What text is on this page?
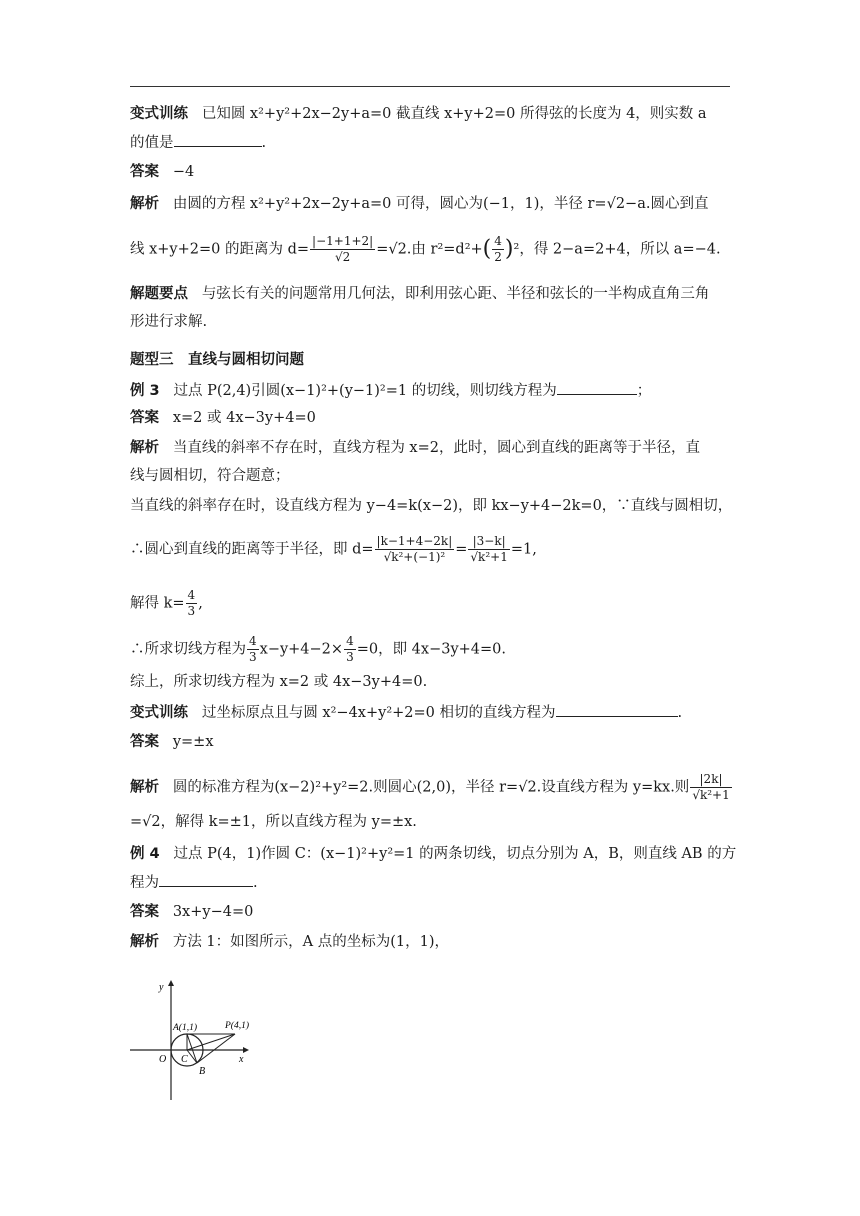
变式训练 已知圆 x²+y²+2x−2y+a=0 截直线 x+y+2=0 所得弦的长度为 4，则实数 a
的值是	.
答案 −4
解析 由圆的方程 x²+y²+2x−2y+a=0 可得，圆心为(−1，1)，半径 r=√2−a.圆心到直
线 x+y+2=0 的距离为 $d= \frac{|-1+1+2|}{√2} =√2$.由 $r^2=d^2+( \frac{4}{2} )^2$，得 2−a=2+4，所以 a=−4.
解题要点 与弦长有关的问题常用几何法，即利用弦心距、半径和弦长的一半构成直角三角
形进行求解.
题型三　直线与圆相切问题
例 3 过点 P(2,4)引圆(x−1)²+(y−1)²=1 的切线，则切线方程为	；
答案 x=2 或 4x−3y+4=0
解析 当直线的斜率不存在时，直线方程为 x=2，此时，圆心到直线的距离等于半径，直
线与圆相切，符合题意；
当直线的斜率存在时，设直线方程为 y−4=k(x−2)，即 kx−y+4−2k=0，∵直线与圆相切，
∴圆心到直线的距离等于半径，即 $d= \frac{|k-1+4-2k|}{\text{√k²+(−1)²}} = \frac{|3-k|}{\text{√k²+1}} =1$,
解得 $k= \frac{4}{3}$ ,
∴所求切线方程为 $\frac{4}{3} x-y+4-2\times \frac{4}{3} =0$，即 4x−3y+4=0.
综上，所求切线方程为 x=2 或 4x−3y+4=0.
变式训练 过坐标原点且与圆 x²−4x+y²+2=0 相切的直线方程为	.
答案 y=±x
解析 圆的标准方程为(x−2)²+y²=2.则圆心(2,0)，半径 r=√2.设直线方程为 y=kx.则 $\frac{|2k|}{\text{√k²+1}}$
=√2，解得 k=±1，所以直线方程为 y=±x.
例 4 过点 P(4，1)作圆 C：(x−1)²+y²=1 的两条切线，切点分别为 A，B，则直线 AB 的方
程为	.
答案 3x+y−4=0
解析 方法 1：如图所示，A 点的坐标为(1，1)，
y
x
O C
A(1,1)	P(4,1)
B
